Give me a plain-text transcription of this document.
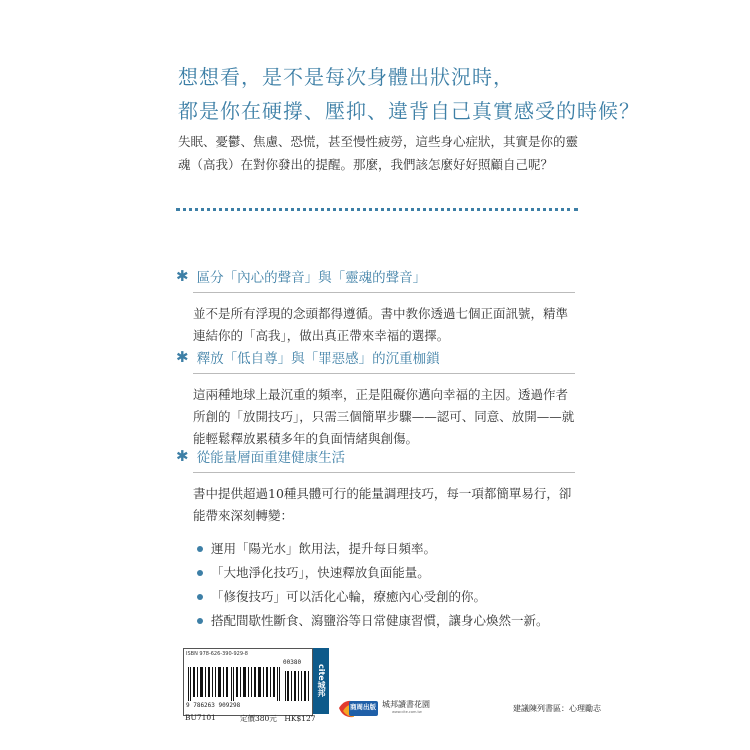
想想看，是不是每次身體出狀況時，
都是你在硬撐、壓抑、違背自己真實感受的時候？
失眠、憂鬱、焦慮、恐慌，甚至慢性疲勞，這些身心症狀，其實是你的靈魂（高我）在對你發出的提醒。那麼，我們該怎麼好好照顧自己呢？
✱ 區分「內心的聲音」與「靈魂的聲音」
並不是所有浮現的念頭都得遵循。書中教你透過七個正面訊號，精準連結你的「高我」，做出真正帶來幸福的選擇。
✱ 釋放「低自尊」與「罪惡感」的沉重枷鎖
這兩種地球上最沉重的頻率，正是阻礙你邁向幸福的主因。透過作者所創的「放開技巧」，只需三個簡單步驟——認可、同意、放開——就能輕鬆釋放累積多年的負面情緒與創傷。
✱ 從能量層面重建健康生活
書中提供超過10種具體可行的能量調理技巧，每一項都簡單易行，卻能帶來深刻轉變：
運用「陽光水」飲用法，提升每日頻率。
「大地淨化技巧」，快速釋放負面能量。
「修復技巧」可以活化心輪，療癒內心受創的你。
搭配間歇性斷食、瀉鹽浴等日常健康習慣，讓身心煥然一新。
ISBN 978-626-390-929-8
00380
9 786263 909298
BU7101	定價380元　HK$127
cite城邦
商周出版 城邦讀書花園
www.cite.com.tw	建議陳列書區：心理勵志
